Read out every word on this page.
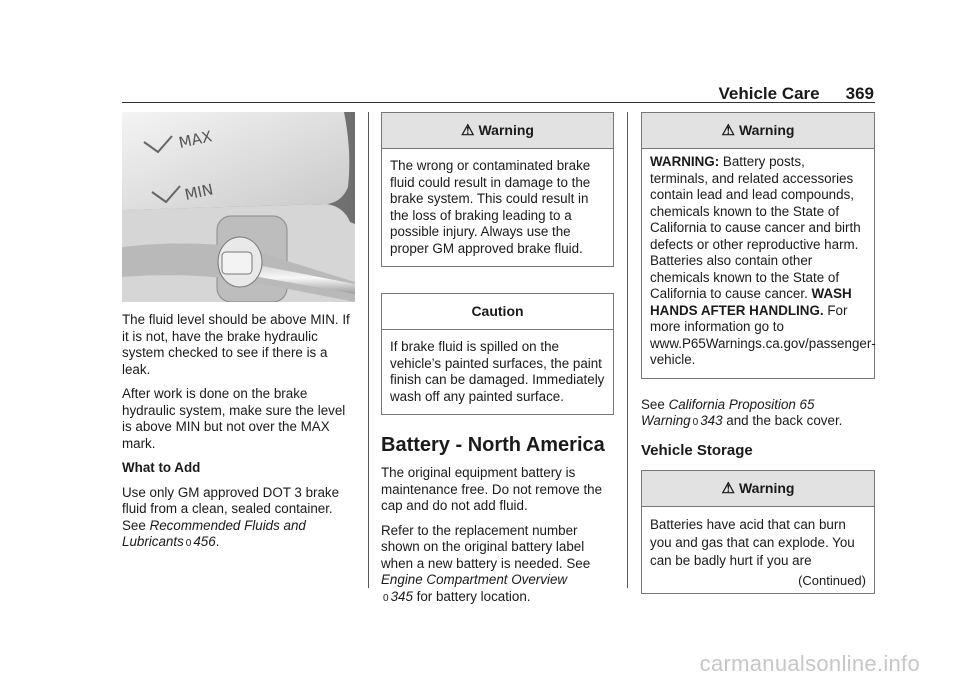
Vehicle Care 369
MAX
MIN

The fluid level should be above MIN. If it is not, have the brake hydraulic system checked to see if there is a leak.

After work is done on the brake hydraulic system, make sure the level is above MIN but not over the MAX mark.

What to Add

Use only GM approved DOT 3 brake fluid from a clean, sealed container. See Recommended Fluids and Lubricants 0 456.

⚠ Warning
The wrong or contaminated brake fluid could result in damage to the brake system. This could result in the loss of braking leading to a possible injury. Always use the proper GM approved brake fluid.
Caution
If brake fluid is spilled on the vehicle’s painted surfaces, the paint finish can be damaged. Immediately wash off any painted surface.
Battery - North America

The original equipment battery is maintenance free. Do not remove the cap and do not add fluid.

Refer to the replacement number shown on the original battery label when a new battery is needed. See Engine Compartment Overview
0 345 for battery location.

⚠ Warning
WARNING: Battery posts, terminals, and related accessories contain lead and lead compounds, chemicals known to the State of California to cause cancer and birth defects or other reproductive harm. Batteries also contain other chemicals known to the State of California to cause cancer. WASH HANDS AFTER HANDLING. For more information go to www.P65Warnings.ca.gov/passenger-vehicle.

See California Proposition 65 Warning 0 343 and the back cover.

Vehicle Storage
⚠ Warning
Batteries have acid that can burn you and gas that can explode. You can be badly hurt if you are
(Continued)
carmanualsonline.info
